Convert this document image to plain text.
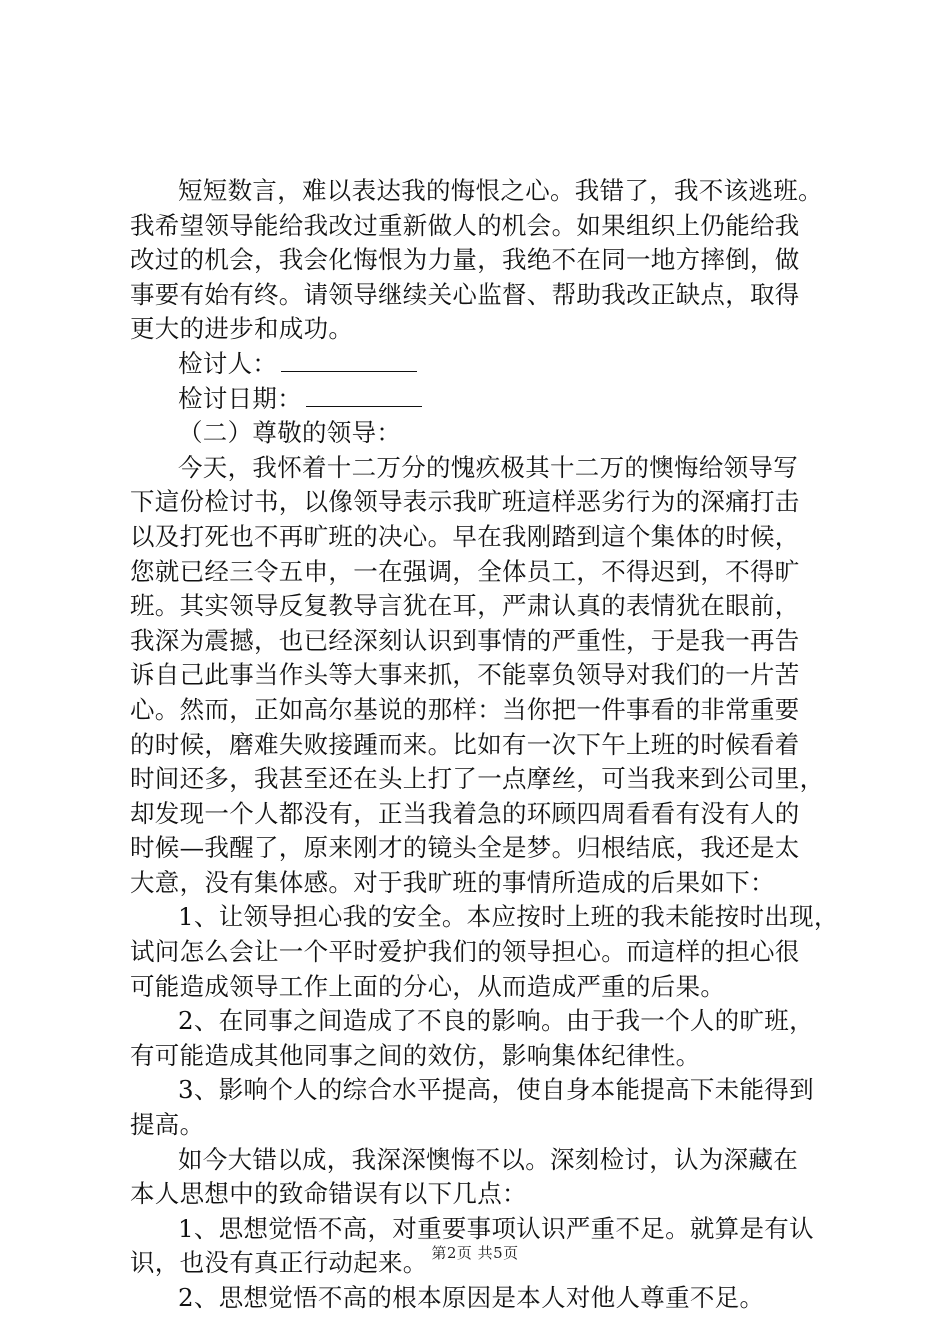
短短数言，难以表达我的悔恨之心。我错了，我不该逃班。
我希望领导能给我改过重新做人的机会。如果组织上仍能给我
改过的机会，我会化悔恨为力量，我绝不在同一地方摔倒，做
事要有始有终。请领导继续关心监督、帮助我改正缺点，取得
更大的进步和成功。
检讨人：
检讨日期：
（二）尊敬的领导：
今天，我怀着十二万分的愧疚极其十二万的懊悔给领导写
下這份检讨书，以像领导表示我旷班這样恶劣行为的深痛打击
以及打死也不再旷班的决心。早在我刚踏到這个集体的时候，
您就已经三令五申，一在强调，全体员工，不得迟到，不得旷
班。其实领导反复教导言犹在耳，严肃认真的表情犹在眼前，
我深为震撼，也已经深刻认识到事情的严重性，于是我一再告
诉自己此事当作头等大事来抓，不能辜负领导对我们的一片苦
心。然而，正如高尔基说的那样：当你把一件事看的非常重要
的时候，磨难失败接踵而来。比如有一次下午上班的时候看着
时间还多，我甚至还在头上打了一点摩丝，可当我来到公司里，
却发现一个人都没有，正当我着急的环顾四周看看有没有人的
时候—我醒了，原来刚才的镜头全是梦。归根结底，我还是太
大意，没有集体感。对于我旷班的事情所造成的后果如下：
1、让领导担心我的安全。本应按时上班的我未能按时出现，
试问怎么会让一个平时爱护我们的领导担心。而這样的担心很
可能造成领导工作上面的分心，从而造成严重的后果。
2、在同事之间造成了不良的影响。由于我一个人的旷班，
有可能造成其他同事之间的效仿，影响集体纪律性。
3、影响个人的综合水平提高，使自身本能提高下未能得到
提高。
如今大错以成，我深深懊悔不以。深刻检讨，认为深藏在
本人思想中的致命错误有以下几点：
1、思想觉悟不高，对重要事项认识严重不足。就算是有认
识，也没有真正行动起来。
2、思想觉悟不高的根本原因是本人对他人尊重不足。
第2页 共5页
